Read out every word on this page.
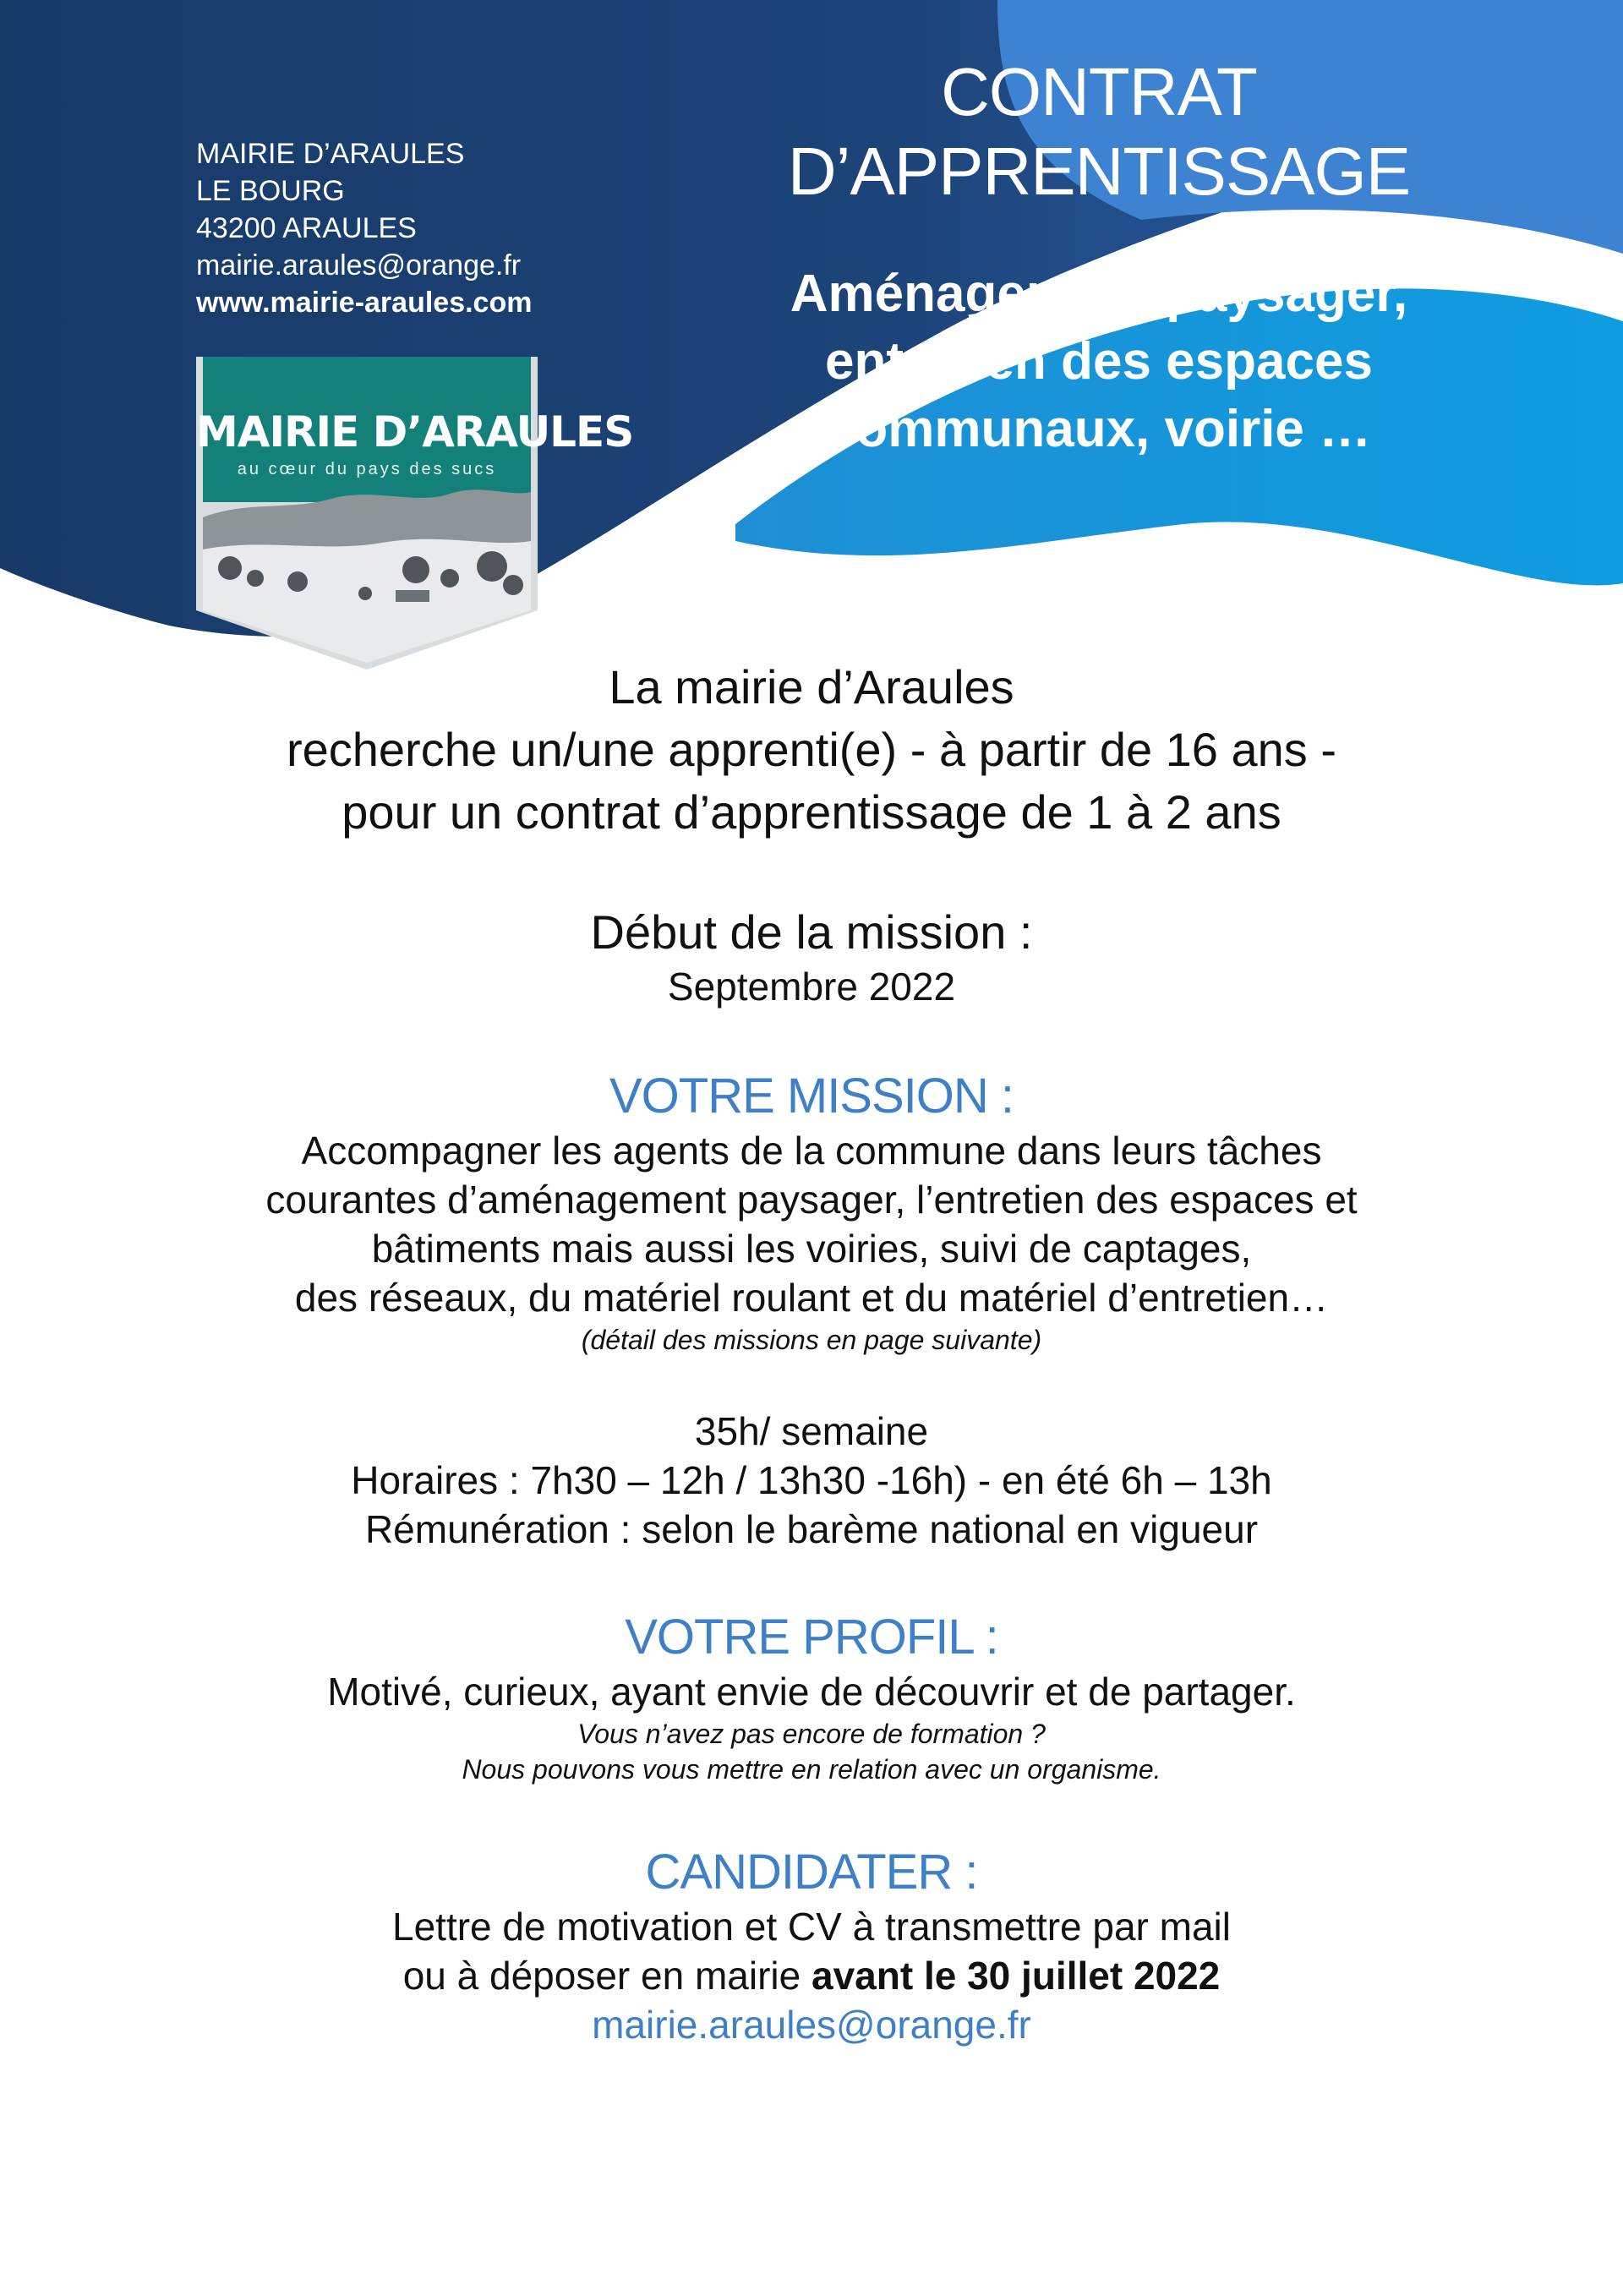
MAIRIE D’ARAULES
LE BOURG
43200 ARAULES
mairie.araules@orange.fr
www.mairie-araules.com
MAIRIE D’ARAULES
au cœur du pays des sucs
CONTRAT
D’APPRENTISSAGE
Aménagement paysager,
entretien des espaces
communaux, voirie …
La mairie d’Araules
recherche un/une apprenti(e) - à partir de 16 ans -
pour un contrat d’apprentissage de 1 à 2 ans
Début de la mission :
Septembre 2022
VOTRE MISSION :
Accompagner les agents de la commune dans leurs tâches
courantes d’aménagement paysager, l’entretien des espaces et
bâtiments mais aussi les voiries, suivi de captages,
des réseaux, du matériel roulant et du matériel d’entretien…
(détail des missions en page suivante)
35h/ semaine
Horaires : 7h30 – 12h / 13h30 -16h) - en été 6h – 13h
Rémunération : selon le barème national en vigueur
VOTRE PROFIL :
Motivé, curieux, ayant envie de découvrir et de partager.
Vous n’avez pas encore de formation ?
Nous pouvons vous mettre en relation avec un organisme.
CANDIDATER :
Lettre de motivation et CV à transmettre par mail
ou à déposer en mairie avant le 30 juillet 2022
mairie.araules@orange.fr
